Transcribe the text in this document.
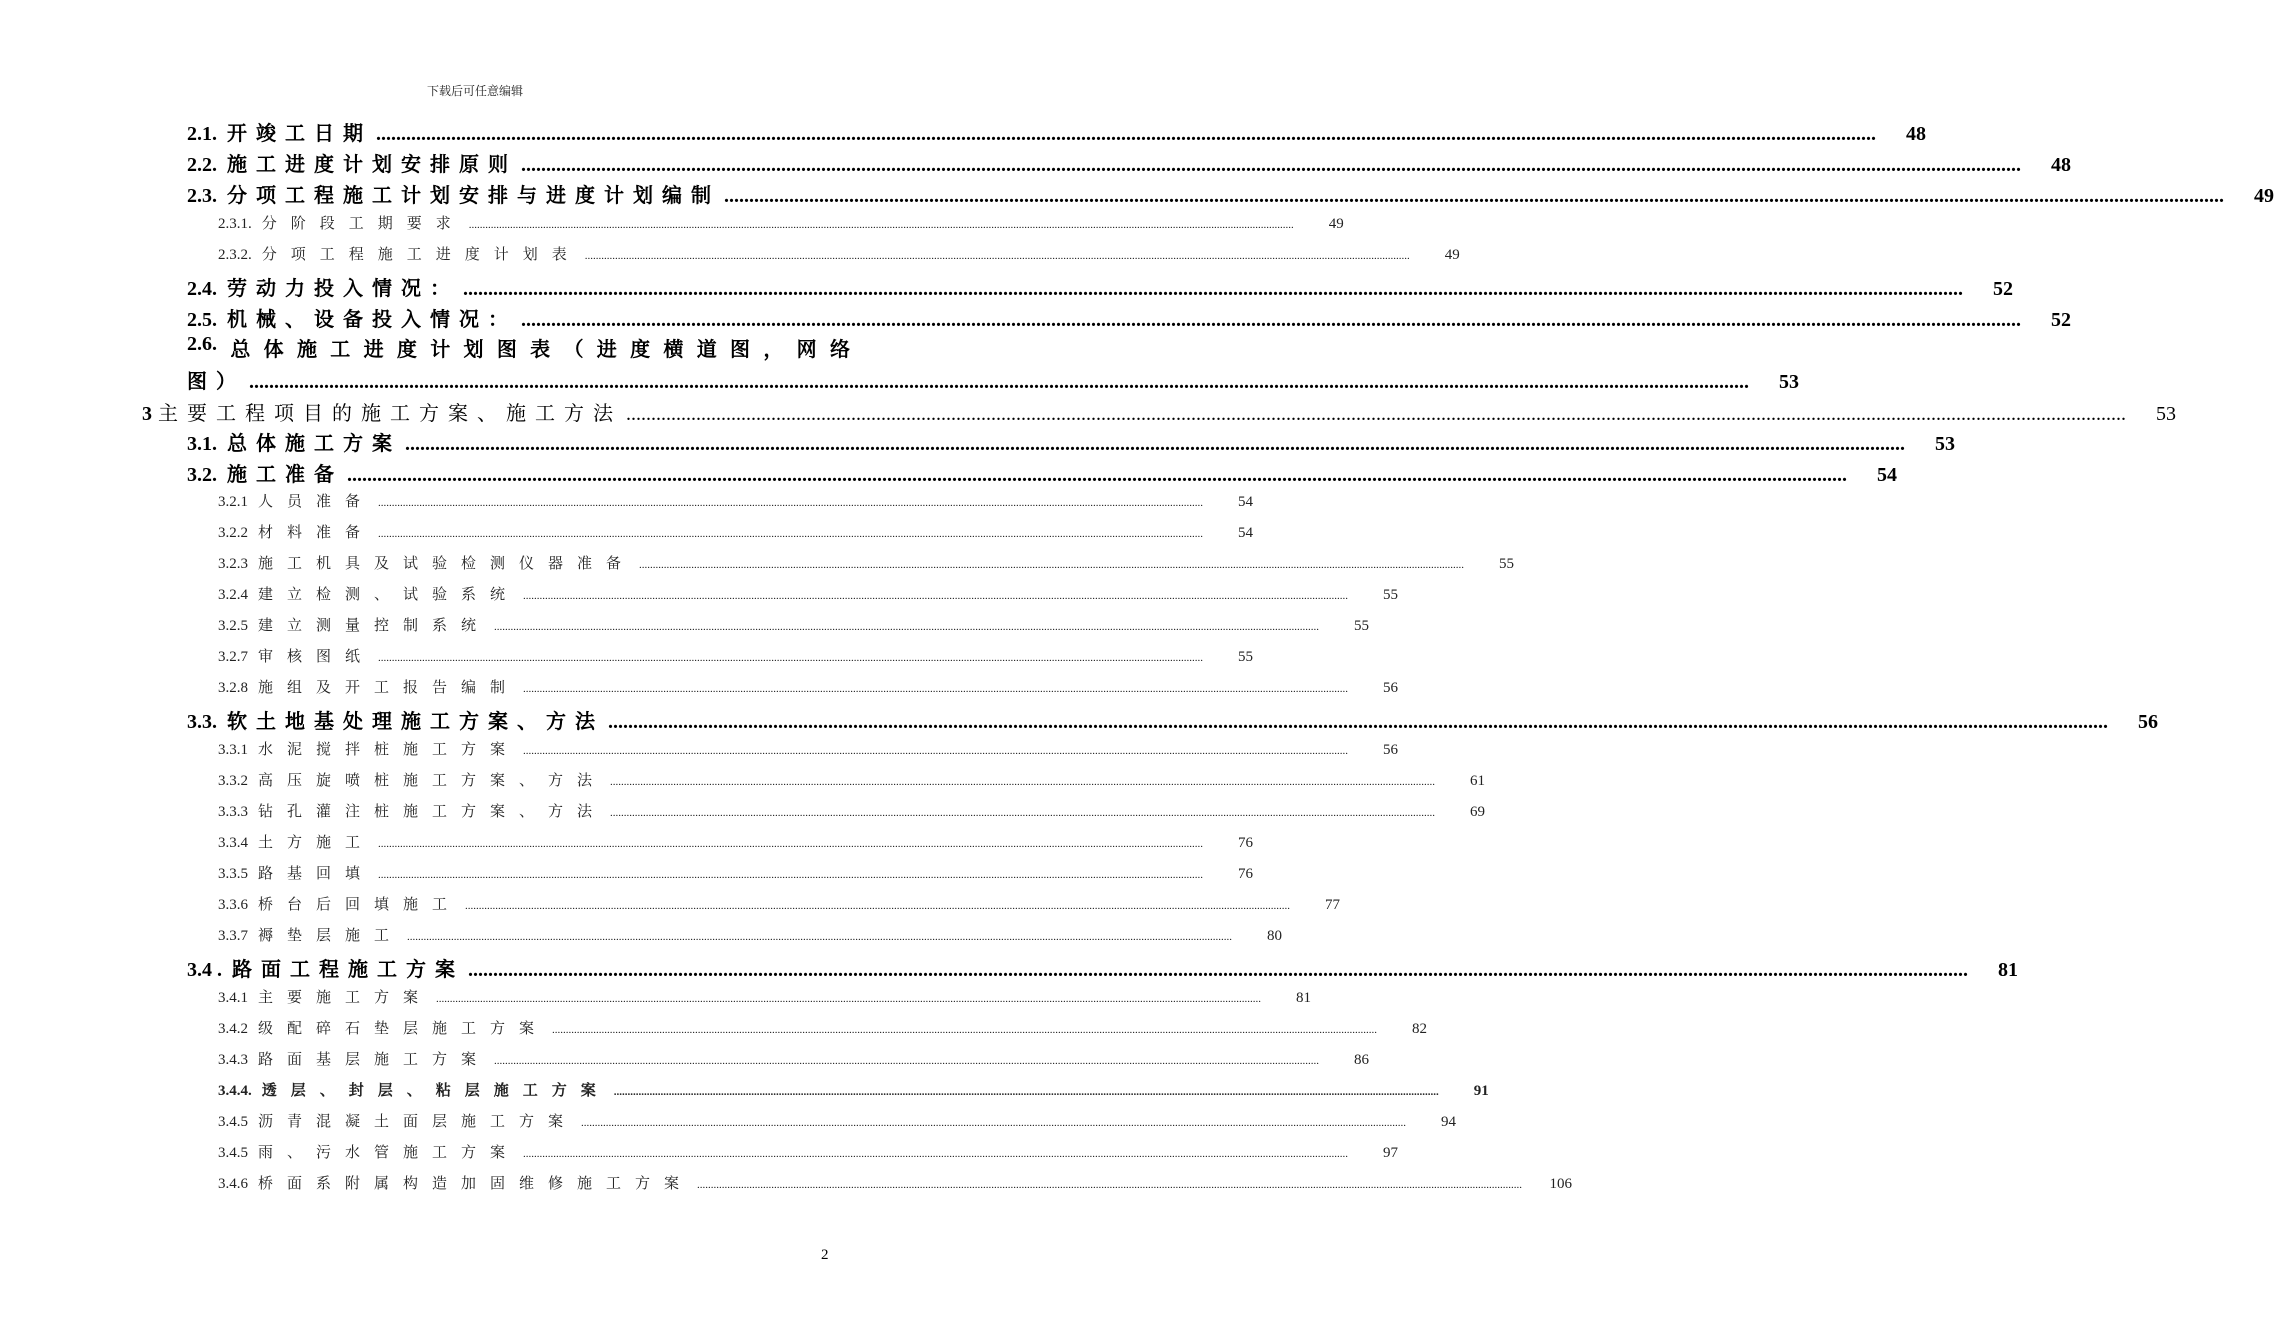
下载后可任意编辑
2.1. 开竣工日期 ............................................................................................................................................................................................................................................................................................................	48
2.2. 施工进度计划安排原则 ............................................................................................................................................................................................................................................................................................................	48
2.3. 分项工程施工计划安排与进度计划编制 ............................................................................................................................................................................................................................................................................................................	49
2.3.1. 分阶段工期要求 ............................................................................................................................................................................................................................................................................................................	49
2.3.2. 分项工程施工进度计划表 ............................................................................................................................................................................................................................................................................................................	49
2.4. 劳动力投入情况： ............................................................................................................................................................................................................................................................................................................	52
2.5. 机械、设备投入情况： ............................................................................................................................................................................................................................................................................................................	52
2.6. 总 体 施 工 进 度 计 划 图 表 （ 进 度 横 道 图 ， 网 络
图） ............................................................................................................................................................................................................................................................................................................	53
3 主要工程项目的施工方案、施工方法 ............................................................................................................................................................................................................................................................................................................	53
3.1. 总体施工方案 ............................................................................................................................................................................................................................................................................................................	53
3.2. 施工准备 ............................................................................................................................................................................................................................................................................................................	54
3.2.1 人员准备 ............................................................................................................................................................................................................................................................................................................	54
3.2.2 材料准备 ............................................................................................................................................................................................................................................................................................................	54
3.2.3 施工机具及试验检测仪器准备 ............................................................................................................................................................................................................................................................................................................	55
3.2.4 建立检测、试验系统 ............................................................................................................................................................................................................................................................................................................	55
3.2.5 建立测量控制系统 ............................................................................................................................................................................................................................................................................................................	55
3.2.7 审核图纸 ............................................................................................................................................................................................................................................................................................................	55
3.2.8 施组及开工报告编制 ............................................................................................................................................................................................................................................................................................................	56
3.3. 软土地基处理施工方案、方法 ............................................................................................................................................................................................................................................................................................................	56
3.3.1 水泥搅拌桩施工方案 ............................................................................................................................................................................................................................................................................................................	56
3.3.2 高压旋喷桩施工方案、方法 ............................................................................................................................................................................................................................................................................................................	61
3.3.3 钻孔灌注桩施工方案、方法 ............................................................................................................................................................................................................................................................................................................	69
3.3.4 土方施工 ............................................................................................................................................................................................................................................................................................................	76
3.3.5 路基回填 ............................................................................................................................................................................................................................................................................................................	76
3.3.6 桥台后回填施工 ............................................................................................................................................................................................................................................................................................................	77
3.3.7 褥垫层施工 ............................................................................................................................................................................................................................................................................................................	80
3.4 . 路面工程施工方案 ............................................................................................................................................................................................................................................................................................................	81
3.4.1 主要施工方案 ............................................................................................................................................................................................................................................................................................................	81
3.4.2 级配碎石垫层施工方案 ............................................................................................................................................................................................................................................................................................................	82
3.4.3 路面基层施工方案 ............................................................................................................................................................................................................................................................................................................	86
3.4.4. 透层、封层、粘层施工方案 ............................................................................................................................................................................................................................................................................................................	91
3.4.5 沥青混凝土面层施工方案 ............................................................................................................................................................................................................................................................................................................	94
3.4.5 雨、污水管施工方案 ............................................................................................................................................................................................................................................................................................................	97
3.4.6 桥面系附属构造加固维修施工方案 ............................................................................................................................................................................................................................................................................................................	106
2
